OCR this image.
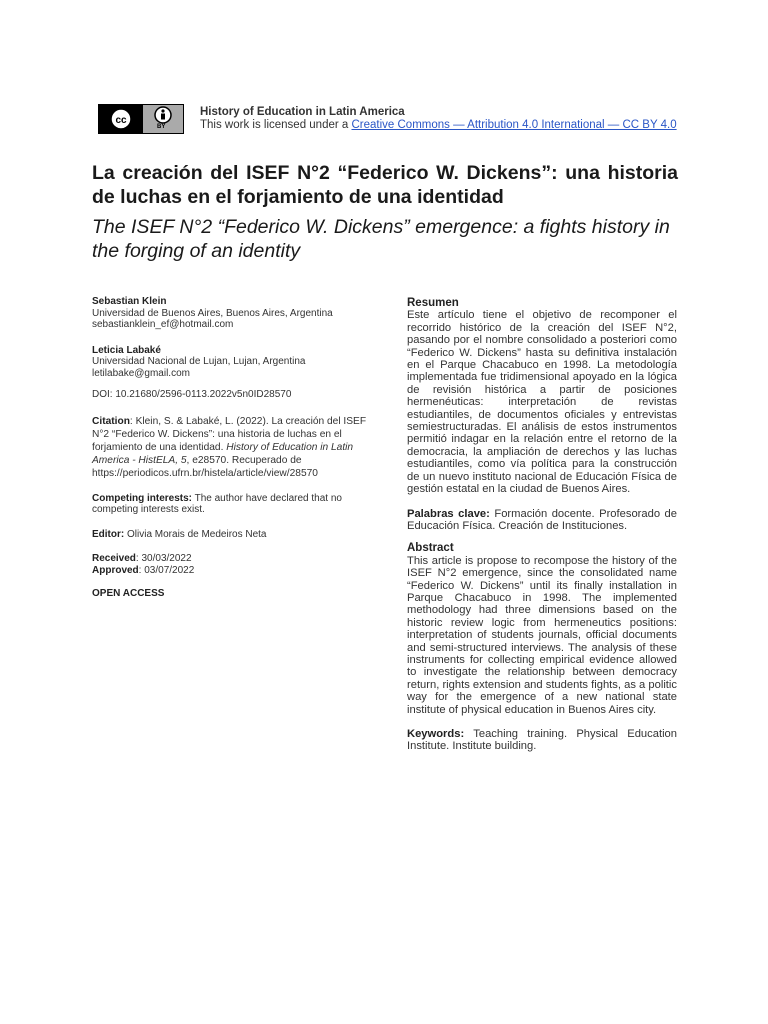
cc
BY
History of Education in Latin America
This work is licensed under a Creative Commons — Attribution 4.0 International — CC BY 4.0
La creación del ISEF N°2 “Federico W. Dickens”: una historia de luchas en el forjamiento de una identidad
The ISEF N°2 “Federico W. Dickens” emergence: a fights history in the forging of an identity
Sebastian Klein
Universidad de Buenos Aires, Buenos Aires, Argentina
sebastianklein_ef@hotmail.com
Leticia Labaké
Universidad Nacional de Lujan, Lujan, Argentina
letilabake@gmail.com
DOI: 10.21680/2596-0113.2022v5n0ID28570
Citation: Klein, S. & Labaké, L. (2022). La creación del ISEF N°2 “Federico W. Dickens”: una historia de luchas en el forjamiento de una identidad. History of Education in Latin America - HistELA, 5, e28570. Recuperado de https://periodicos.ufrn.br/histela/article/view/28570
Competing interests: The author have declared that no competing interests exist.
Editor: Olivia Morais de Medeiros Neta
Received: 30/03/2022
Approved: 03/07/2022
OPEN ACCESS
Resumen

Este artículo tiene el objetivo de recomponer el recorrido histórico de la creación del ISEF N°2, pasando por el nombre consolidado a posteriori como “Federico W. Dickens” hasta su definitiva instalación en el Parque Chacabuco en 1998. La metodología implementada fue tridimensional apoyado en la lógica de revisión histórica a partir de posiciones hermenéuticas: interpretación de revistas estudiantiles, de documentos oficiales y entrevistas semiestructuradas. El análisis de estos instrumentos permitió indagar en la relación entre el retorno de la democracia, la ampliación de derechos y las luchas estudiantiles, como vía política para la construcción de un nuevo instituto nacional de Educación Física de gestión estatal en la ciudad de Buenos Aires.

Palabras clave: Formación docente. Profesorado de Educación Física. Creación de Instituciones.

Abstract

This article is propose to recompose the history of the ISEF N°2 emergence, since the consolidated name “Federico W. Dickens” until its finally installation in Parque Chacabuco in 1998. The implemented methodology had three dimensions based on the historic review logic from hermeneutics positions: interpretation of students journals, official documents and semi-structured interviews. The analysis of these instruments for collecting empirical evidence allowed to investigate the relationship between democracy return, rights extension and students fights, as a politic way for the emergence of a new national state institute of physical education in Buenos Aires city.

Keywords: Teaching training. Physical Education Institute. Institute building.
